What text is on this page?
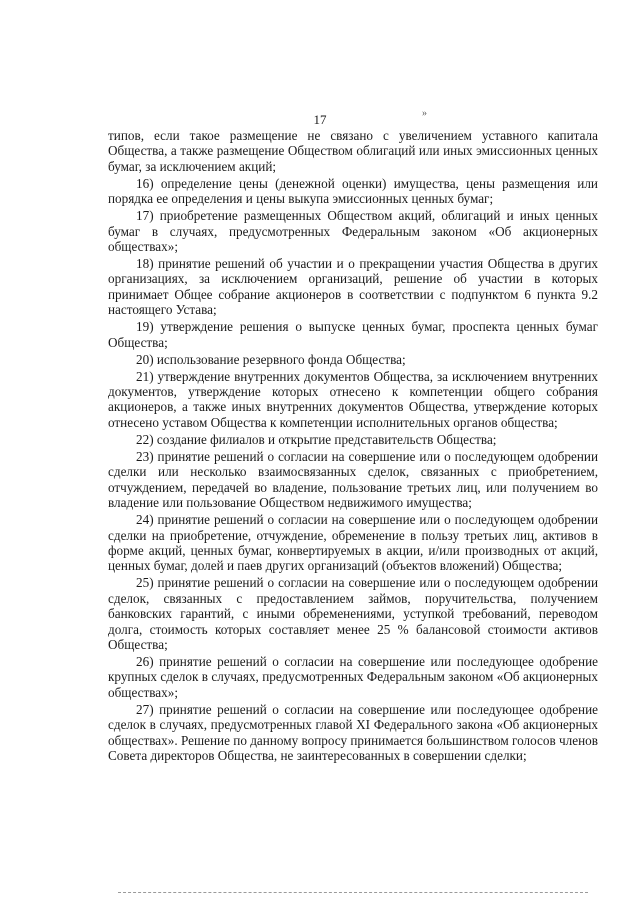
17	»

типов, если такое размещение не связано с увеличением уставного капитала Общества, а также размещение Обществом облигаций или иных эмиссионных ценных бумаг, за исключением акций;

16) определение цены (денежной оценки) имущества, цены размещения или порядка ее определения и цены выкупа эмиссионных ценных бумаг;

17) приобретение размещенных Обществом акций, облигаций и иных ценных бумаг в случаях, предусмотренных Федеральным законом «Об акционерных обществах»;

18) принятие решений об участии и о прекращении участия Общества в других организациях, за исключением организаций, решение об участии в которых принимает Общее собрание акционеров в соответствии с подпунктом 6 пункта 9.2 настоящего Устава;

19) утверждение решения о выпуске ценных бумаг, проспекта ценных бумаг Общества;

20) использование резервного фонда Общества;

21) утверждение внутренних документов Общества, за исключением внутренних документов, утверждение которых отнесено к компетенции общего собрания акционеров, а также иных внутренних документов Общества, утверждение которых отнесено уставом Общества к компетенции исполнительных органов общества;

22) создание филиалов и открытие представительств Общества;

23) принятие решений о согласии на совершение или о последующем одобрении сделки или несколько взаимосвязанных сделок, связанных с приобретением, отчуждением, передачей во владение, пользование третьих лиц, или получением во владение или пользование Обществом недвижимого имущества;

24) принятие решений о согласии на совершение или о последующем одобрении сделки на приобретение, отчуждение, обременение в пользу третьих лиц, активов в форме акций, ценных бумаг, конвертируемых в акции, и/или производных от акций, ценных бумаг, долей и паев других организаций (объектов вложений) Общества;

25) принятие решений о согласии на совершение или о последующем одобрении сделок, связанных с предоставлением займов, поручительства, получением банковских гарантий, с иными обременениями, уступкой требований, переводом долга, стоимость которых составляет менее 25 % балансовой стоимости активов Общества;

26) принятие решений о согласии на совершение или последующее одобрение крупных сделок в случаях, предусмотренных Федеральным законом «Об акционерных обществах»;

27) принятие решений о согласии на совершение или последующее одобрение сделок в случаях, предусмотренных главой XI Федерального закона «Об акционерных обществах». Решение по данному вопросу принимается большинством голосов членов Совета директоров Общества, не заинтересованных в совершении сделки;
